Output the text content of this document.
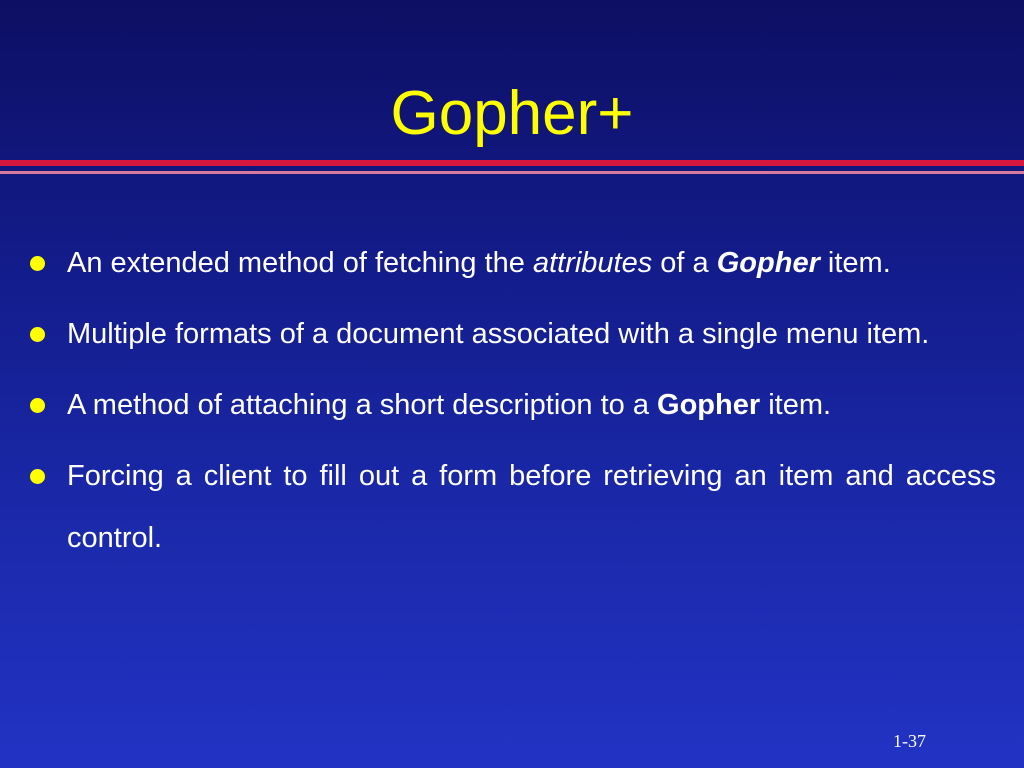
Gopher+
An extended method of fetching the attributes of a Gopher item.
Multiple formats of a document associated with a single menu item.
A method of attaching a short description to a Gopher item.
Forcing a client to fill out a form before retrieving an item and access control.
1-37
